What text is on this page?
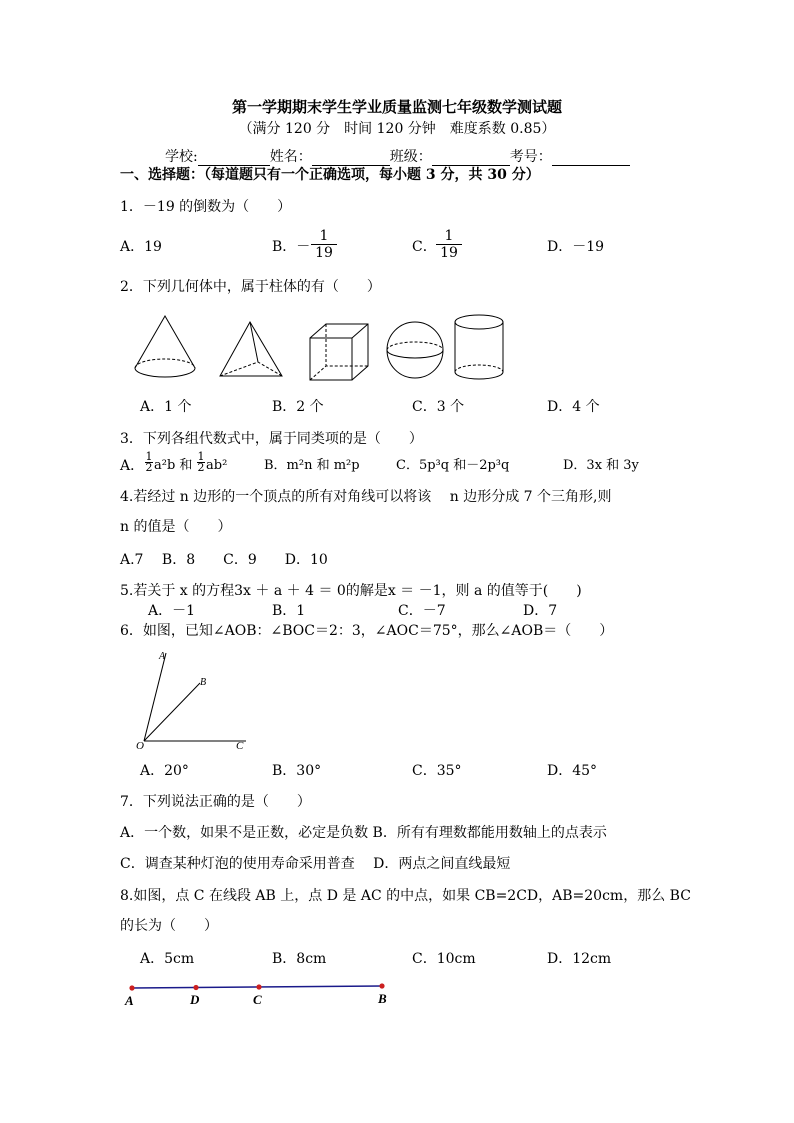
第一学期期末学生学业质量监测七年级数学测试题
（满分 120 分　时间 120 分钟　难度系数 0.85）
学校:	姓名：	班级：	考号：
一、选择题：（每道题只有一个正确选项，每小题 3 分，共 30 分）
1．－19 的倒数为（　　）
A．19	B．－
1
19	C．
1
19	D．－19
2．下列几何体中，属于柱体的有（　　）
A．1 个	B．2 个	C．3 个	D．4 个
3．下列各组代数式中，属于同类项的是（　　）
A．
1
2 a²b 和
1
2 ab²	B．m²n 和 m²p	C．5p³q 和－2p³q	D．3x 和 3y
4.若经过 n 边形的一个顶点的所有对角线可以将该　 n 边形分成 7 个三角形,则
n 的值是（　　）
A.7　 B．8　　C．9　　D．10
5.若关于 x 的方程3x ＋ a ＋ 4 ＝ 0的解是x ＝ －1，则 a 的值等于(　　)
A．－1	B．1	C．－7	D．7
6．如图，已知∠AOB：∠BOC＝2：3，∠AOC＝75°，那么∠AOB＝（　　）
A
B
O	C
A．20°	B．30°	C．35°	D．45°
7．下列说法正确的是（　　）
A．一个数，如果不是正数，必定是负数 B．所有有理数都能用数轴上的点表示
C．调查某种灯泡的使用寿命采用普查　 D．两点之间直线最短
8.如图，点 C 在线段 AB 上，点 D 是 AC 的中点，如果 CB=2CD，AB=20cm，那么 BC
的长为（　　）
A．5cm	B．8cm	C．10cm	D．12cm
A	D	C	B
